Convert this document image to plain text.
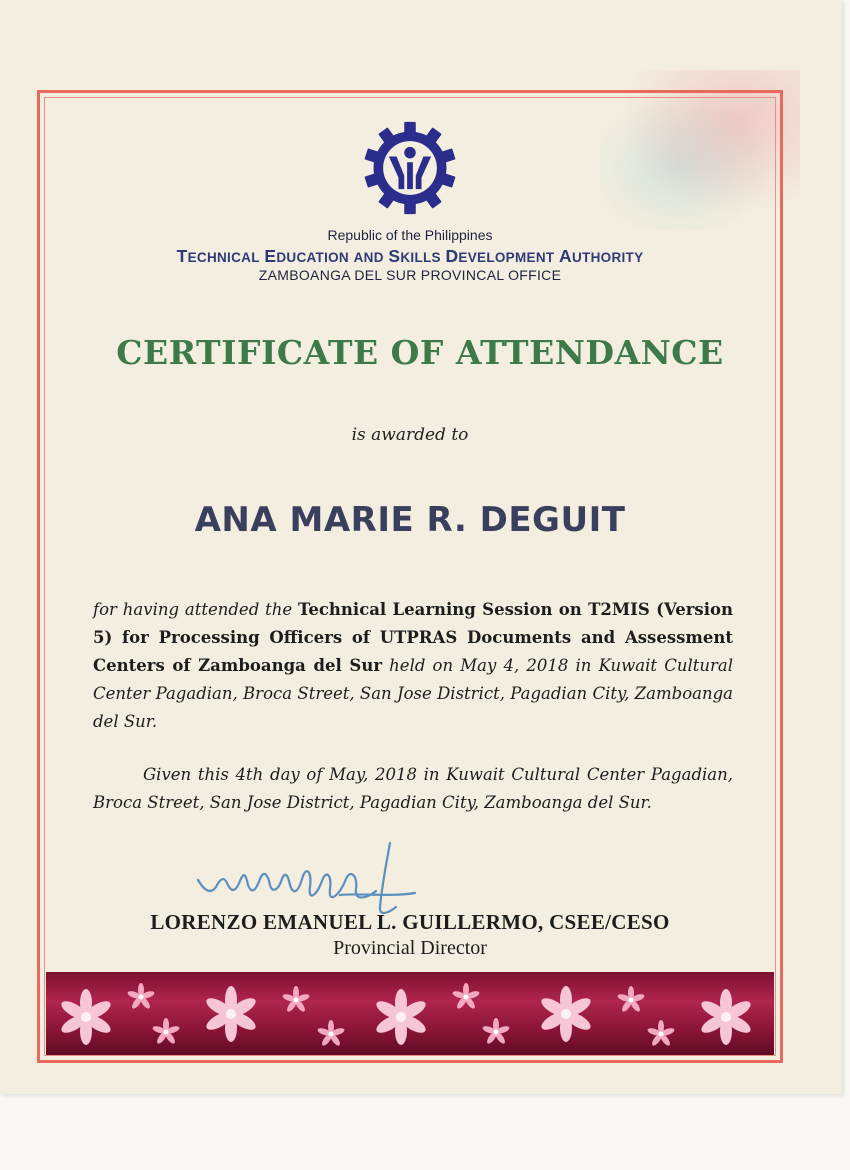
Republic of the Philippines
TECHNICAL EDUCATION AND SKILLS DEVELOPMENT AUTHORITY
ZAMBOANGA DEL SUR PROVINCAL OFFICE
CERTIFICATE OF ATTENDANCE
is awarded to
ANA MARIE R. DEGUIT
for having attended the Technical Learning Session on T2MIS (Version 5) for Processing Officers of UTPRAS Documents and Assessment Centers of Zamboanga del Sur held on May 4, 2018 in Kuwait Cultural Center Pagadian, Broca Street, San Jose District, Pagadian City, Zamboanga del Sur.
Given this 4th day of May, 2018 in Kuwait Cultural Center Pagadian, Broca Street, San Jose District, Pagadian City, Zamboanga del Sur.
LORENZO EMANUEL L. GUILLERMO, CSEE/CESO
Provincial Director
